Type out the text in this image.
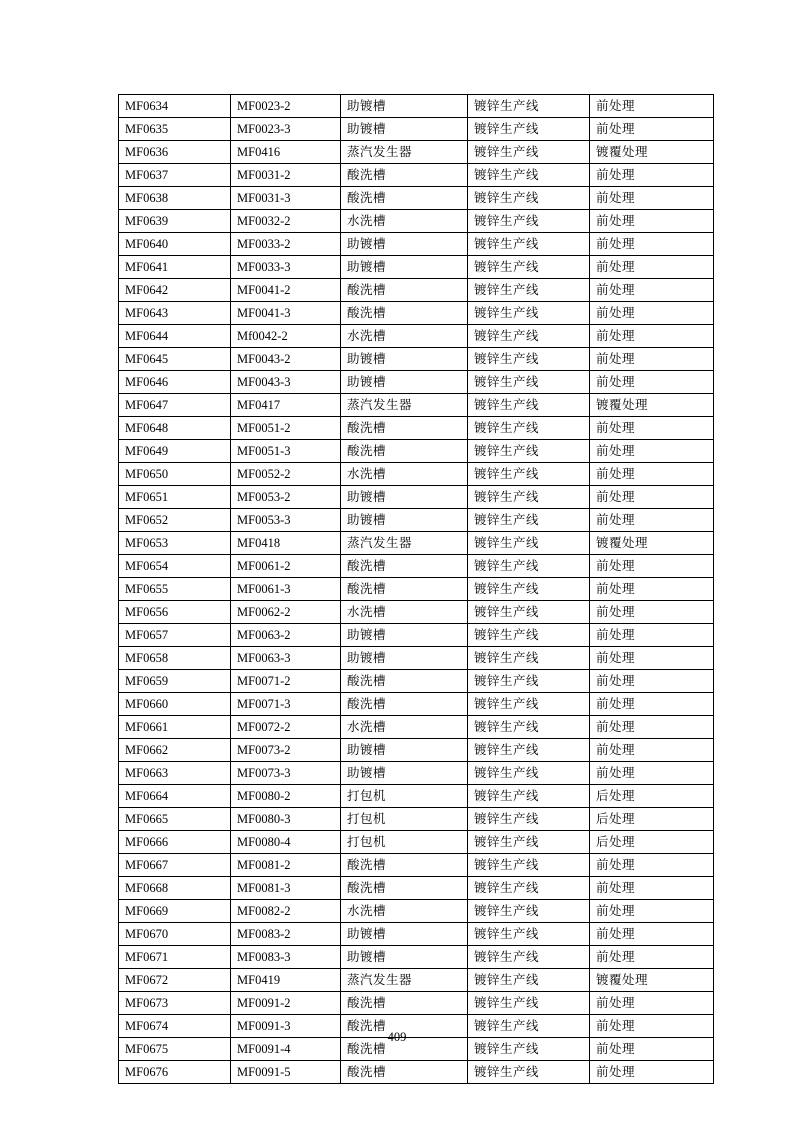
MF0634	MF0023-2	助镀槽	镀锌生产线	前处理
MF0635	MF0023-3	助镀槽	镀锌生产线	前处理
MF0636	MF0416	蒸汽发生器	镀锌生产线	镀覆处理
MF0637	MF0031-2	酸洗槽	镀锌生产线	前处理
MF0638	MF0031-3	酸洗槽	镀锌生产线	前处理
MF0639	MF0032-2	水洗槽	镀锌生产线	前处理
MF0640	MF0033-2	助镀槽	镀锌生产线	前处理
MF0641	MF0033-3	助镀槽	镀锌生产线	前处理
MF0642	MF0041-2	酸洗槽	镀锌生产线	前处理
MF0643	MF0041-3	酸洗槽	镀锌生产线	前处理
MF0644	Mf0042-2	水洗槽	镀锌生产线	前处理
MF0645	MF0043-2	助镀槽	镀锌生产线	前处理
MF0646	MF0043-3	助镀槽	镀锌生产线	前处理
MF0647	MF0417	蒸汽发生器	镀锌生产线	镀覆处理
MF0648	MF0051-2	酸洗槽	镀锌生产线	前处理
MF0649	MF0051-3	酸洗槽	镀锌生产线	前处理
MF0650	MF0052-2	水洗槽	镀锌生产线	前处理
MF0651	MF0053-2	助镀槽	镀锌生产线	前处理
MF0652	MF0053-3	助镀槽	镀锌生产线	前处理
MF0653	MF0418	蒸汽发生器	镀锌生产线	镀覆处理
MF0654	MF0061-2	酸洗槽	镀锌生产线	前处理
MF0655	MF0061-3	酸洗槽	镀锌生产线	前处理
MF0656	MF0062-2	水洗槽	镀锌生产线	前处理
MF0657	MF0063-2	助镀槽	镀锌生产线	前处理
MF0658	MF0063-3	助镀槽	镀锌生产线	前处理
MF0659	MF0071-2	酸洗槽	镀锌生产线	前处理
MF0660	MF0071-3	酸洗槽	镀锌生产线	前处理
MF0661	MF0072-2	水洗槽	镀锌生产线	前处理
MF0662	MF0073-2	助镀槽	镀锌生产线	前处理
MF0663	MF0073-3	助镀槽	镀锌生产线	前处理
MF0664	MF0080-2	打包机	镀锌生产线	后处理
MF0665	MF0080-3	打包机	镀锌生产线	后处理
MF0666	MF0080-4	打包机	镀锌生产线	后处理
MF0667	MF0081-2	酸洗槽	镀锌生产线	前处理
MF0668	MF0081-3	酸洗槽	镀锌生产线	前处理
MF0669	MF0082-2	水洗槽	镀锌生产线	前处理
MF0670	MF0083-2	助镀槽	镀锌生产线	前处理
MF0671	MF0083-3	助镀槽	镀锌生产线	前处理
MF0672	MF0419	蒸汽发生器	镀锌生产线	镀覆处理
MF0673	MF0091-2	酸洗槽	镀锌生产线	前处理
MF0674	MF0091-3	酸洗槽	镀锌生产线	前处理
MF0675	MF0091-4	酸洗槽	镀锌生产线	前处理
MF0676	MF0091-5	酸洗槽	镀锌生产线	前处理
409
